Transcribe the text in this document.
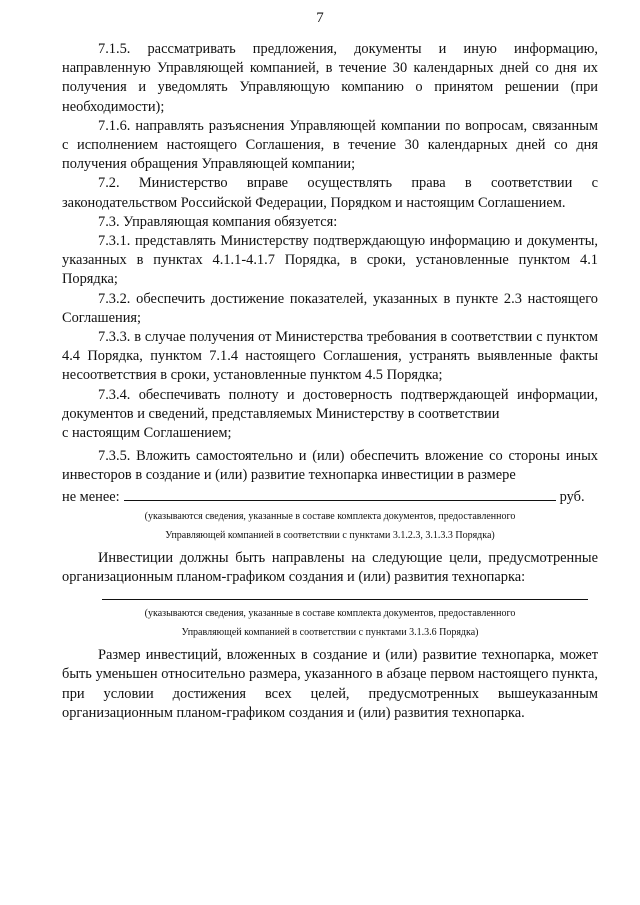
7

7.1.5. рассматривать предложения, документы и иную информацию, направленную Управляющей компанией, в течение 30 календарных дней со дня их получения и уведомлять Управляющую компанию о принятом решении (при необходимости);

7.1.6. направлять разъяснения Управляющей компании по вопросам, связанным с исполнением настоящего Соглашения, в течение 30 календарных дней со дня получения обращения Управляющей компании;

7.2. Министерство вправе осуществлять права в соответствии с законодательством Российской Федерации, Порядком и настоящим Соглашением.

7.3. Управляющая компания обязуется:

7.3.1. представлять Министерству подтверждающую информацию и документы, указанных в пунктах 4.1.1-4.1.7 Порядка, в сроки, установленные пунктом 4.1 Порядка;

7.3.2. обеспечить достижение показателей, указанных в пункте 2.3 настоящего Соглашения;

7.3.3. в случае получения от Министерства требования в соответствии с пунктом 4.4 Порядка, пунктом 7.1.4 настоящего Соглашения, устранять выявленные факты несоответствия в сроки, установленные пунктом 4.5 Порядка;

7.3.4. обеспечивать полноту и достоверность подтверждающей информации, документов и сведений, представляемых Министерству в соответствии

с настоящим Соглашением;

7.3.5. Вложить самостоятельно и (или) обеспечить вложение со стороны иных инвесторов в создание и (или) развитие технопарка инвестиции в размере

не менее:	руб.

(указываются сведения, указанные в составе комплекта документов, предоставленного

Управляющей компанией в соответствии с пунктами 3.1.2.3, 3.1.3.3 Порядка)

Инвестиции должны быть направлены на следующие цели, предусмотренные организационным планом-графиком создания и (или) развития технопарка:

(указываются сведения, указанные в составе комплекта документов, предоставленного

Управляющей компанией в соответствии с пунктами 3.1.3.6 Порядка)

Размер инвестиций, вложенных в создание и (или) развитие технопарка, может быть уменьшен относительно размера, указанного в абзаце первом настоящего пункта, при условии достижения всех целей, предусмотренных вышеуказанным организационным планом-графиком создания и (или) развития технопарка.
